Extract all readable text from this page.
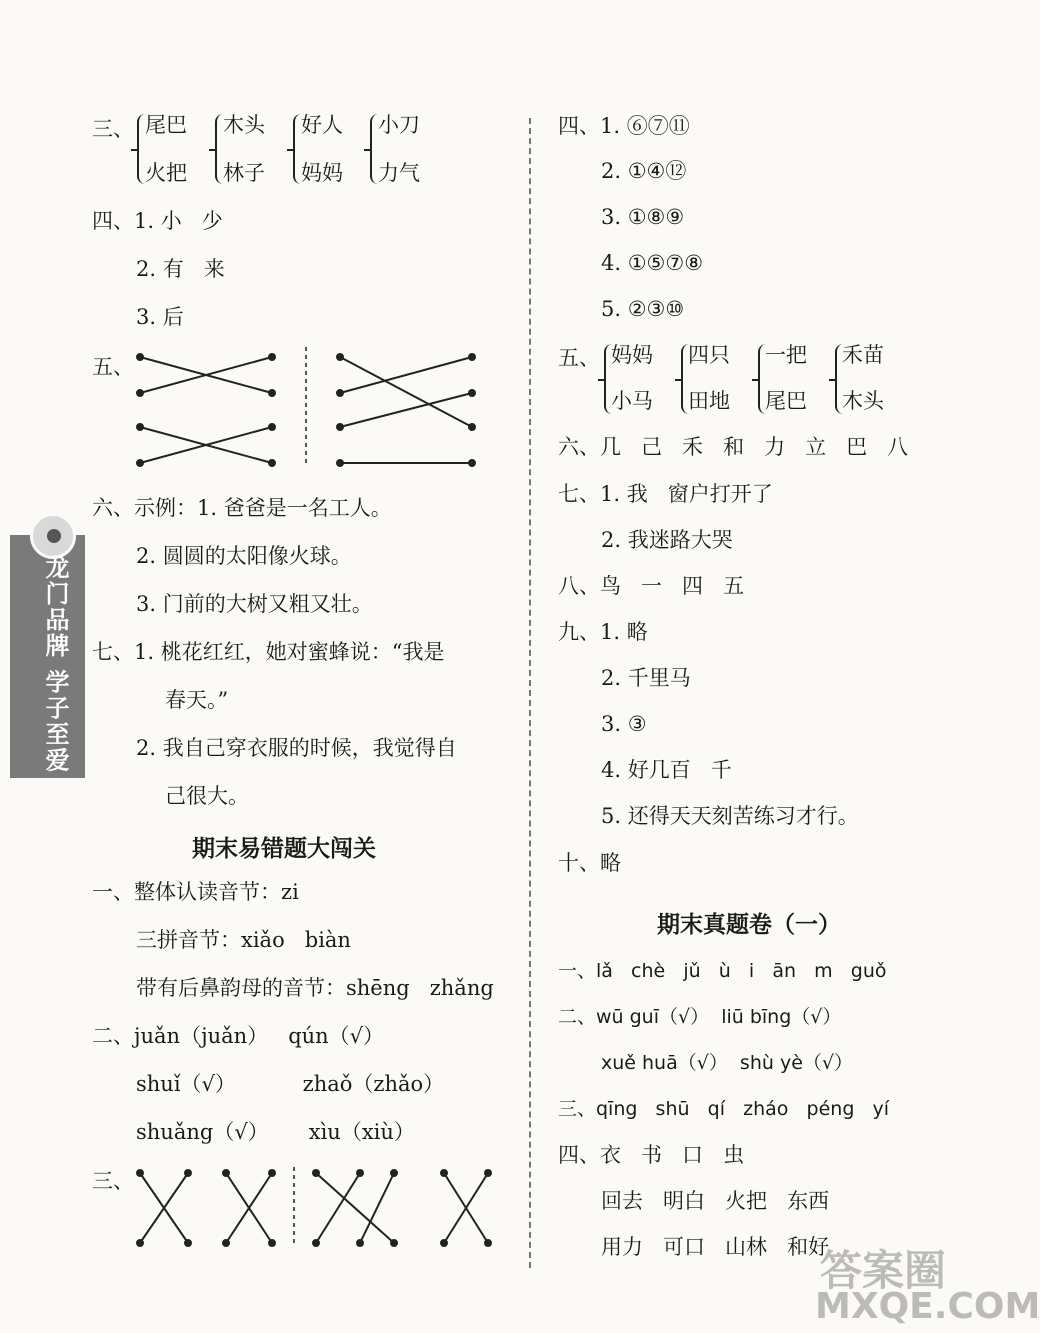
龙门品牌 学子至爱
三、 尾巴
火把
木头
林子
好人
妈妈
小刀
力气
四、1. 小   少
2. 有   来
3. 后
五、
六、示例：1. 爸爸是一名工人。
2. 圆圆的太阳像火球。
3. 门前的大树又粗又壮。
七、1. 桃花红红，她对蜜蜂说：“我是
春天。”
2. 我自己穿衣服的时候，我觉得自
己很大。
期末易错题大闯关
一、整体认读音节：zi
三拼音节：xiǎo   biàn
带有后鼻韵母的音节：shēng   zhǎng
二、juǎn（juǎn）   qún（√）
shuǐ（√）          zhaǒ（zhǎo）
shuǎng（√）      xìu（xiù）
三、
四、1. ⑥⑦⑪
2. ①④⑫
3. ①⑧⑨
4. ①⑤⑦⑧
5. ②③⑩
五、 妈妈
小马
四只
田地
一把
尾巴
禾苗
木头
六、几   己   禾   和   力   立   巴   八
七、1. 我   窗户打开了
2. 我迷路大哭
八、鸟   一   四   五
九、1. 略
2. 千里马
3. ③
4. 好几百   千
5. 还得天天刻苦练习才行。
十、略
期末真题卷（一）
一、lǎ   chè   jǔ   ù   i   ān   m   guǒ
二、wū guī（√）  liū bīng（√）
xuě huā（√）  shù yè（√）
三、qīng   shū   qí   zháo   péng   yí
四、衣   书   口   虫
回去   明白   火把   东西
用力   可口   山林   和好
答案圈
MXQE.COM
